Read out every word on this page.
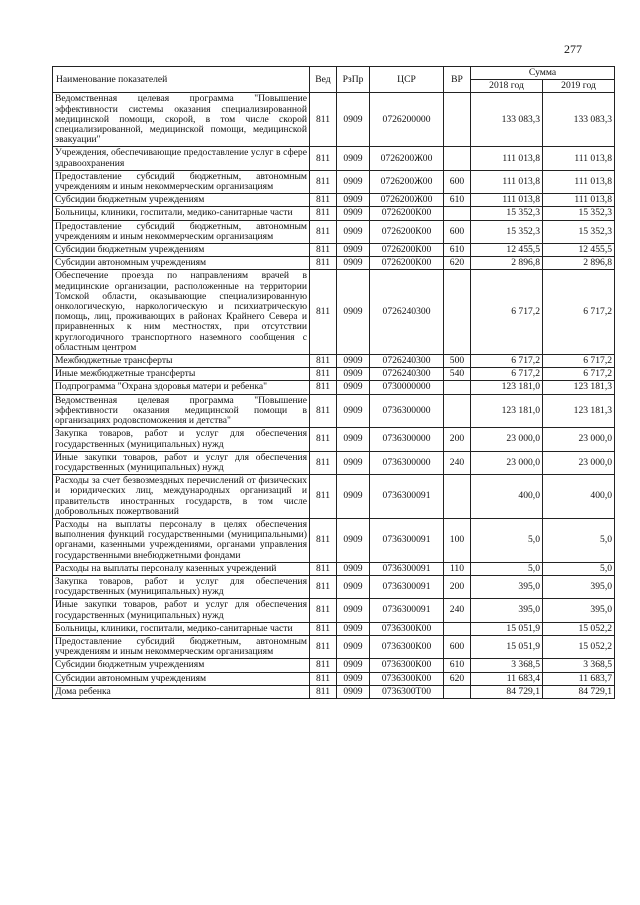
277
Наименование показателей	Вед	РзПр	ЦСР	ВР	Сумма	
					2018 год	2019 год
Ведомственная целевая программа "Повышение эффективности системы оказания специализированной медицинской помощи, скорой, в том числе скорой специализированной, медицинской помощи, медицинской эвакуации"	811	0909	0726200000		133 083,3	133 083,3
Учреждения, обеспечивающие предоставление услуг в сфере здравоохранения	811	0909	0726200Ж00		111 013,8	111 013,8
Предоставление субсидий бюджетным, автономным учреждениям и иным некоммерческим организациям	811	0909	0726200Ж00	600	111 013,8	111 013,8
Субсидии бюджетным учреждениям	811	0909	0726200Ж00	610	111 013,8	111 013,8
Больницы, клиники, госпитали, медико-санитарные части	811	0909	0726200К00		15 352,3	15 352,3
Предоставление субсидий бюджетным, автономным учреждениям и иным некоммерческим организациям	811	0909	0726200К00	600	15 352,3	15 352,3
Субсидии бюджетным учреждениям	811	0909	0726200К00	610	12 455,5	12 455,5
Субсидии автономным учреждениям	811	0909	0726200К00	620	2 896,8	2 896,8
Обеспечение проезда по направлениям врачей в медицинские организации, расположенные на территории Томской области, оказывающие специализированную онкологическую, наркологическую и психиатрическую помощь, лиц, проживающих в районах Крайнего Севера и приравненных к ним местностях, при отсутствии круглогодичного транспортного наземного сообщения с областным центром	811	0909	0726240300		6 717,2	6 717,2
Межбюджетные трансферты	811	0909	0726240300	500	6 717,2	6 717,2
Иные межбюджетные трансферты	811	0909	0726240300	540	6 717,2	6 717,2
Подпрограмма "Охрана здоровья матери и ребенка"	811	0909	0730000000		123 181,0	123 181,3
Ведомственная целевая программа "Повышение эффективности оказания медицинской помощи в организациях родовспоможения и детства"	811	0909	0736300000		123 181,0	123 181,3
Закупка товаров, работ и услуг для обеспечения государственных (муниципальных) нужд	811	0909	0736300000	200	23 000,0	23 000,0
Иные закупки товаров, работ и услуг для обеспечения государственных (муниципальных) нужд	811	0909	0736300000	240	23 000,0	23 000,0
Расходы за счет безвозмездных перечислений от физических и юридических лиц, международных организаций и правительств иностранных государств, в том числе добровольных пожертвований	811	0909	0736300091		400,0	400,0
Расходы на выплаты персоналу в целях обеспечения выполнения функций государственными (муниципальными) органами, казенными учреждениями, органами управления государственными внебюджетными фондами	811	0909	0736300091	100	5,0	5,0
Расходы на выплаты персоналу казенных учреждений	811	0909	0736300091	110	5,0	5,0
Закупка товаров, работ и услуг для обеспечения государственных (муниципальных) нужд	811	0909	0736300091	200	395,0	395,0
Иные закупки товаров, работ и услуг для обеспечения государственных (муниципальных) нужд	811	0909	0736300091	240	395,0	395,0
Больницы, клиники, госпитали, медико-санитарные части	811	0909	0736300К00		15 051,9	15 052,2
Предоставление субсидий бюджетным, автономным учреждениям и иным некоммерческим организациям	811	0909	0736300К00	600	15 051,9	15 052,2
Субсидии бюджетным учреждениям	811	0909	0736300К00	610	3 368,5	3 368,5
Субсидии автономным учреждениям	811	0909	0736300К00	620	11 683,4	11 683,7
Дома ребенка	811	0909	0736300Т00		84 729,1	84 729,1
